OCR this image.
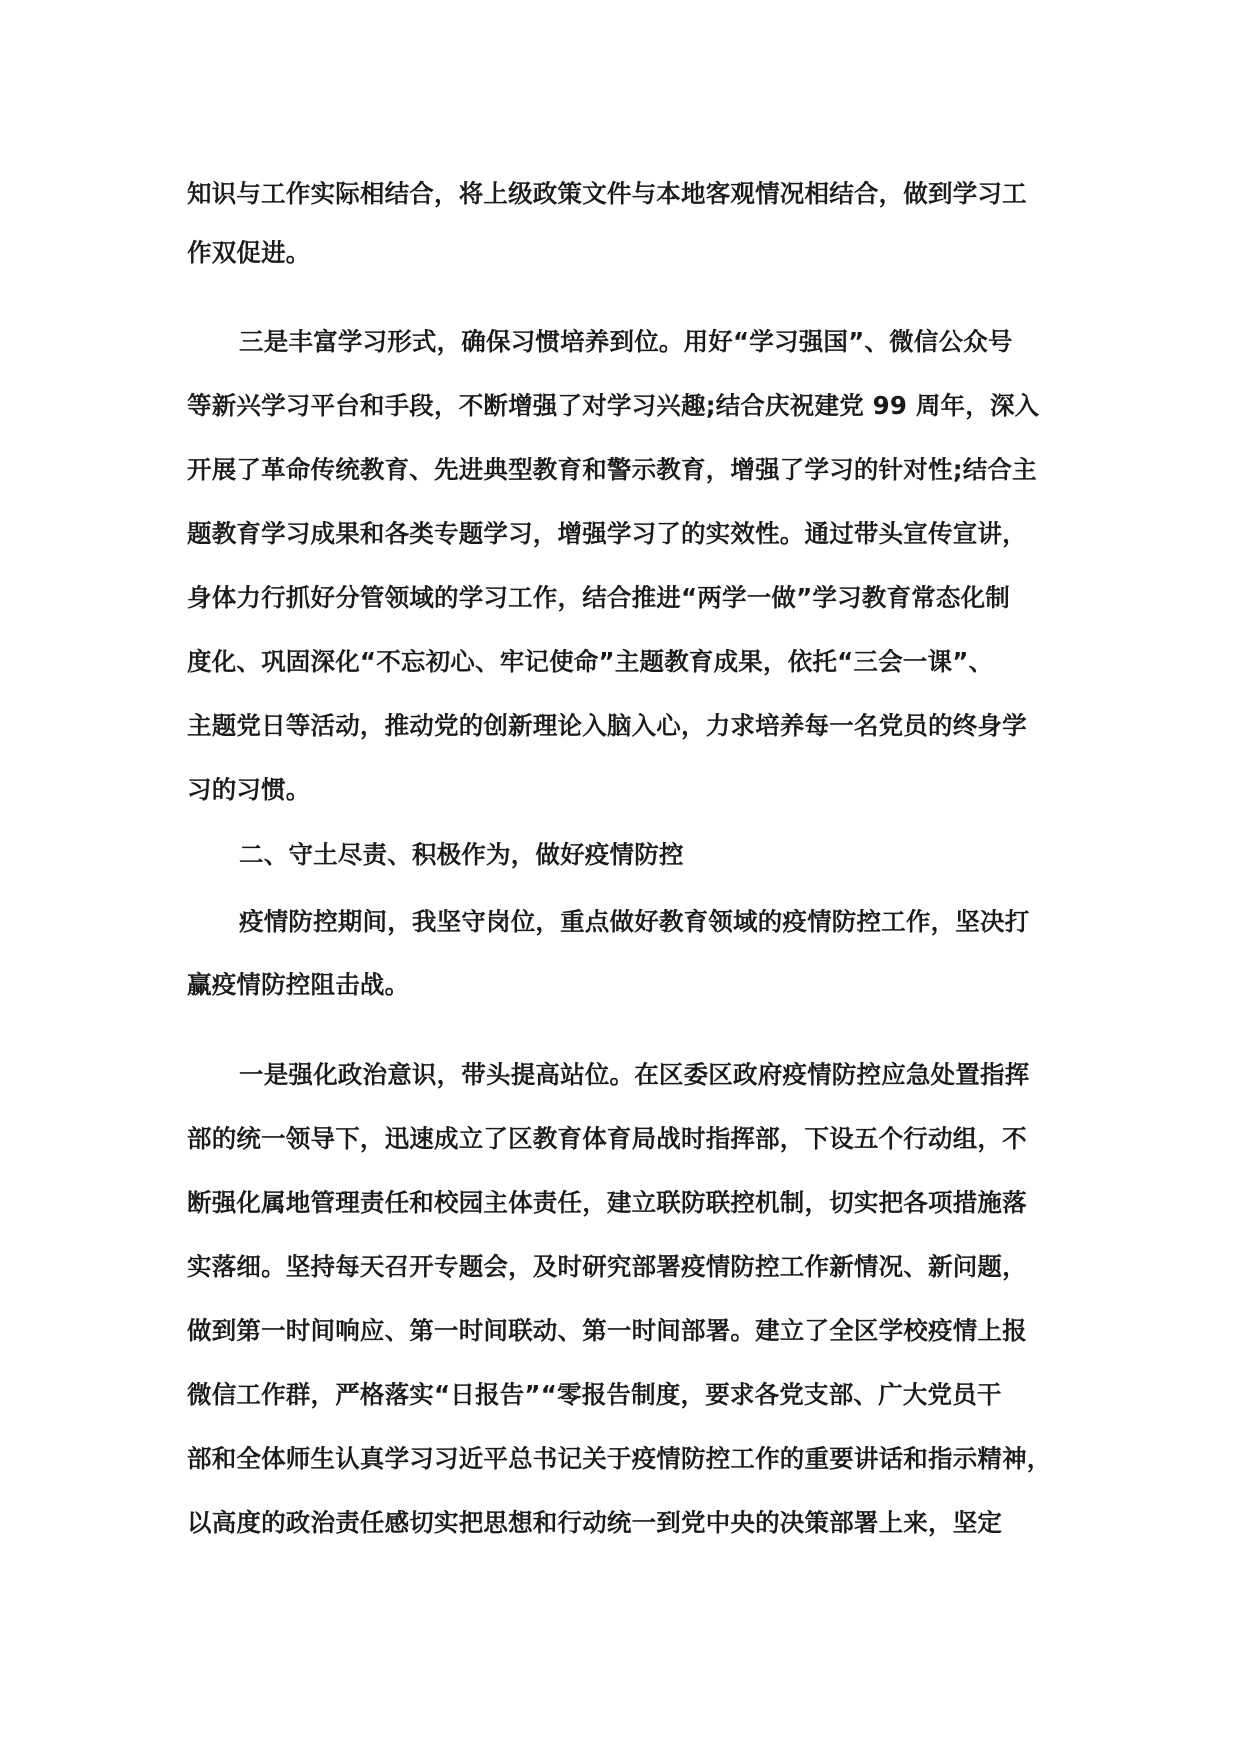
知识与工作实际相结合，将上级政策文件与本地客观情况相结合，做到学习工

作双促进。

三是丰富学习形式，确保习惯培养到位。用好“学习强国”、微信公众号

等新兴学习平台和手段，不断增强了对学习兴趣;结合庆祝建党 99 周年，深入

开展了革命传统教育、先进典型教育和警示教育，增强了学习的针对性;结合主

题教育学习成果和各类专题学习，增强学习了的实效性。通过带头宣传宣讲，

身体力行抓好分管领域的学习工作，结合推进“两学一做”学习教育常态化制

度化、巩固深化“不忘初心、牢记使命”主题教育成果，依托“三会一课”、

主题党日等活动，推动党的创新理论入脑入心，力求培养每一名党员的终身学

习的习惯。

二、守土尽责、积极作为，做好疫情防控

疫情防控期间，我坚守岗位，重点做好教育领域的疫情防控工作，坚决打

赢疫情防控阻击战。

一是强化政治意识，带头提高站位。在区委区政府疫情防控应急处置指挥

部的统一领导下，迅速成立了区教育体育局战时指挥部，下设五个行动组，不

断强化属地管理责任和校园主体责任，建立联防联控机制，切实把各项措施落

实落细。坚持每天召开专题会，及时研究部署疫情防控工作新情况、新问题，

做到第一时间响应、第一时间联动、第一时间部署。建立了全区学校疫情上报

微信工作群，严格落实“日报告”“零报告制度，要求各党支部、广大党员干

部和全体师生认真学习习近平总书记关于疫情防控工作的重要讲话和指示精神，

以高度的政治责任感切实把思想和行动统一到党中央的决策部署上来，坚定
